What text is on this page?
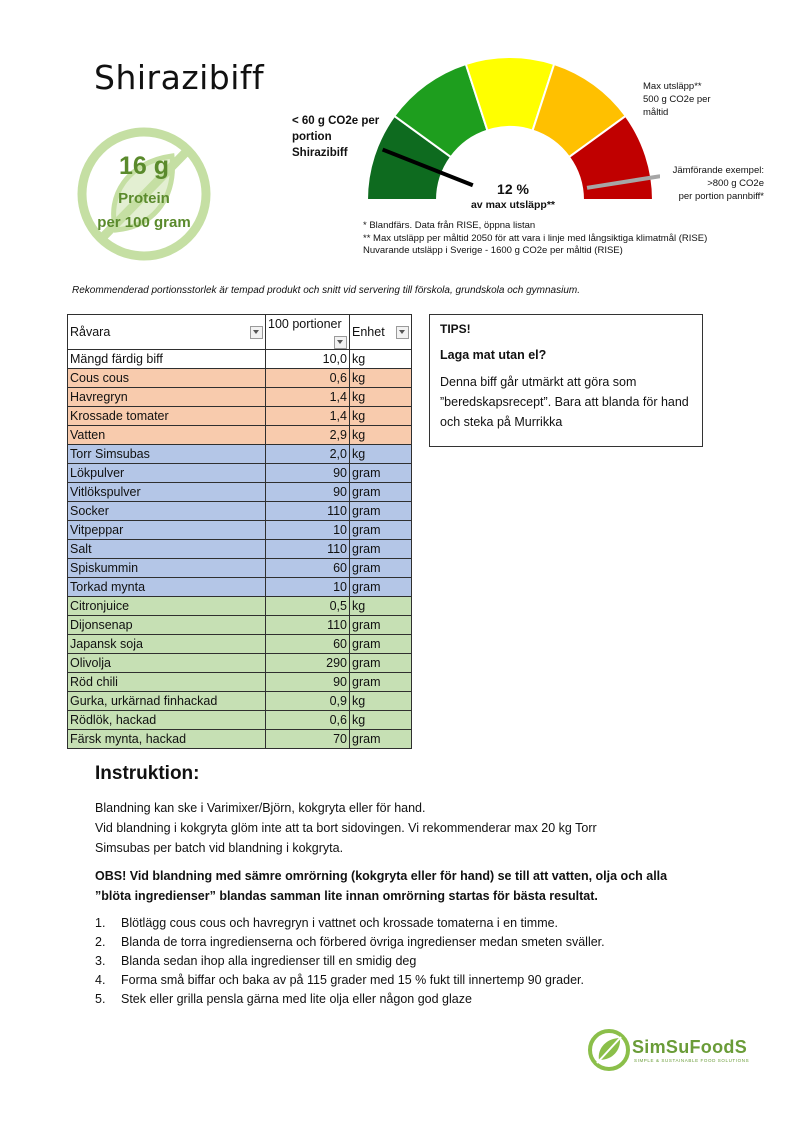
Shirazibiff
16 g
Protein
per 100 gram
< 60 g CO2e per
portion
Shirazibiff
Max utsläpp**
500 g CO2e per
måltid
Jämförande exempel:
>800 g CO2e
per portion pannbiff*
12 %
av max utsläpp**
* Blandfärs. Data från RISE, öppna listan
** Max utsläpp per måltid 2050 för att vara i linje med långsiktiga klimatmål (RISE)
Nuvarande utsläpp i Sverige - 1600 g CO2e per måltid (RISE)
Rekommenderad portionsstorlek är tempad produkt och snitt vid servering till förskola, grundskola och gymnasium.
Råvara	100 portioner	Enhet

Mängd färdig biff	10,0	kg
Cous cous	0,6	kg
Havregryn	1,4	kg
Krossade tomater	1,4	kg
Vatten	2,9	kg
Torr Simsubas	2,0	kg
Lökpulver	90	gram
Vitlökspulver	90	gram
Socker	110	gram
Vitpeppar	10	gram
Salt	110	gram
Spiskummin	60	gram
Torkad mynta	10	gram
Citronjuice	0,5	kg
Dijonsenap	110	gram
Japansk soja	60	gram
Olivolja	290	gram
Röd chili	90	gram
Gurka, urkärnad finhackad	0,9	kg
Rödlök, hackad	0,6	kg
Färsk mynta, hackad	70	gram
TIPS!
Laga mat utan el?
Denna biff går utmärkt att göra som ”beredskapsrecept”. Bara att blanda för hand och steka på Murrikka
Instruktion:
Blandning kan ske i Varimixer/Björn, kokgryta eller för hand.
Vid blandning i kokgryta glöm inte att ta bort sidovingen. Vi rekommenderar max 20 kg Torr
Simsubas per batch vid blandning i kokgryta.
OBS! Vid blandning med sämre omrörning (kokgryta eller för hand) se till att vatten, olja och alla
”blöta ingredienser” blandas samman lite innan omrörning startas för bästa resultat.
1.	Blötlägg cous cous och havregryn i vattnet och krossade tomaterna i en timme.
2.	Blanda de torra ingredienserna och förbered övriga ingredienser medan smeten sväller.
3.	Blanda sedan ihop alla ingredienser till en smidig deg
4.	Forma små biffar och baka av på 115 grader med 15 % fukt till innertemp 90 grader.
5.	Stek eller grilla pensla gärna med lite olja eller någon god glaze
SimSuFoodS
SIMPLE & SUSTAINABLE FOOD SOLUTIONS
